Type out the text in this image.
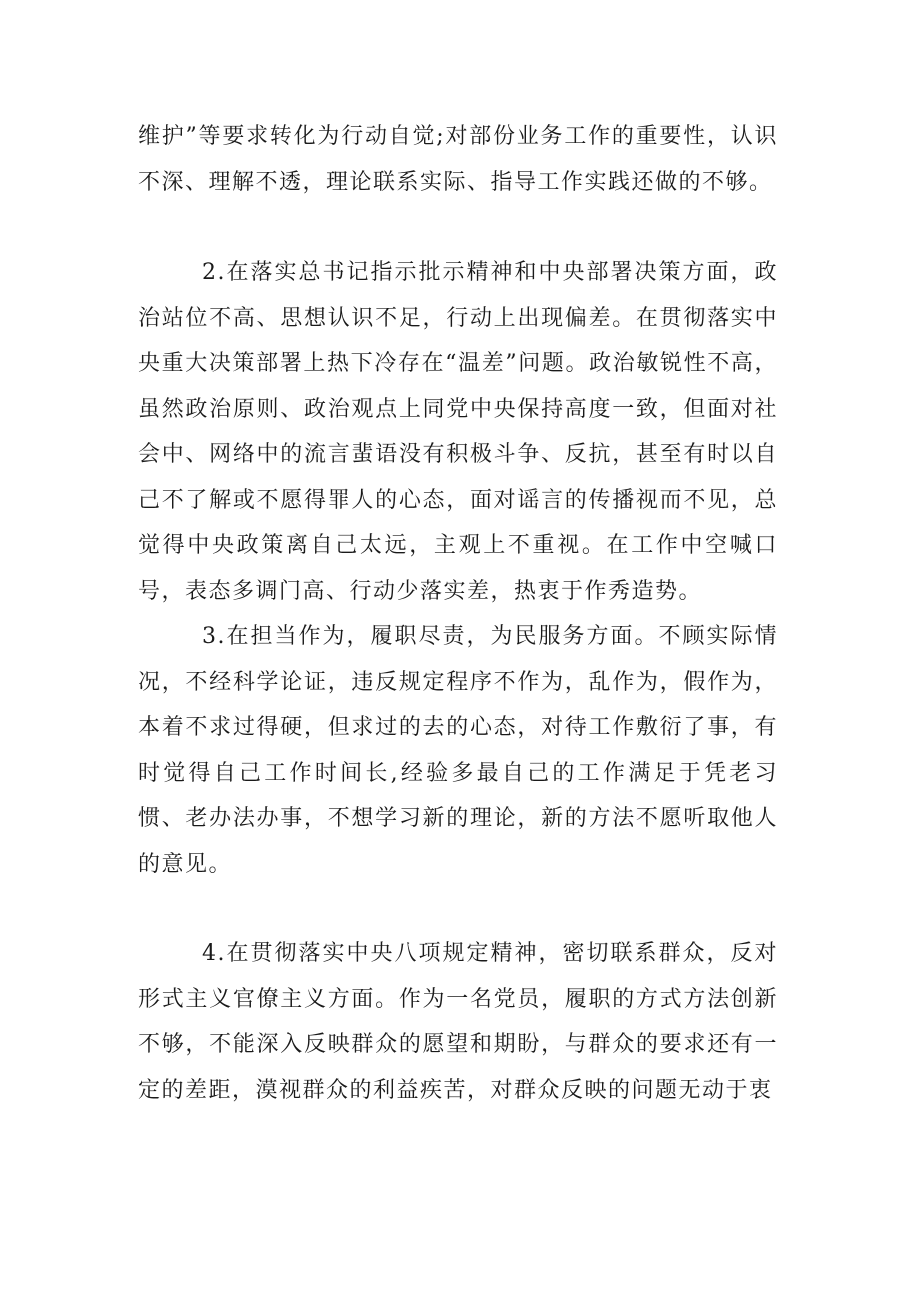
维护”等要求转化为行动自觉;对部份业务工作的重要性，认识不深、理解不透，理论联系实际、指导工作实践还做的不够。

2.在落实总书记指示批示精神和中央部署决策方面，政治站位不高、思想认识不足，行动上出现偏差。在贯彻落实中央重大决策部署上热下冷存在“温差”问题。政治敏锐性不高，虽然政治原则、政治观点上同党中央保持高度一致，但面对社会中、网络中的流言蜚语没有积极斗争、反抗，甚至有时以自己不了解或不愿得罪人的心态，面对谣言的传播视而不见，总觉得中央政策离自己太远，主观上不重视。在工作中空喊口号，表态多调门高、行动少落实差，热衷于作秀造势。

3.在担当作为，履职尽责，为民服务方面。不顾实际情况，不经科学论证，违反规定程序不作为，乱作为，假作为，本着不求过得硬，但求过的去的心态，对待工作敷衍了事，有时觉得自己工作时间长,经验多最自己的工作满足于凭老习惯、老办法办事，不想学习新的理论，新的方法不愿听取他人的意见。

4.在贯彻落实中央八项规定精神，密切联系群众，反对形式主义官僚主义方面。作为一名党员，履职的方式方法创新不够，不能深入反映群众的愿望和期盼，与群众的要求还有一定的差距，漠视群众的利益疾苦，对群众反映的问题无动于衷
